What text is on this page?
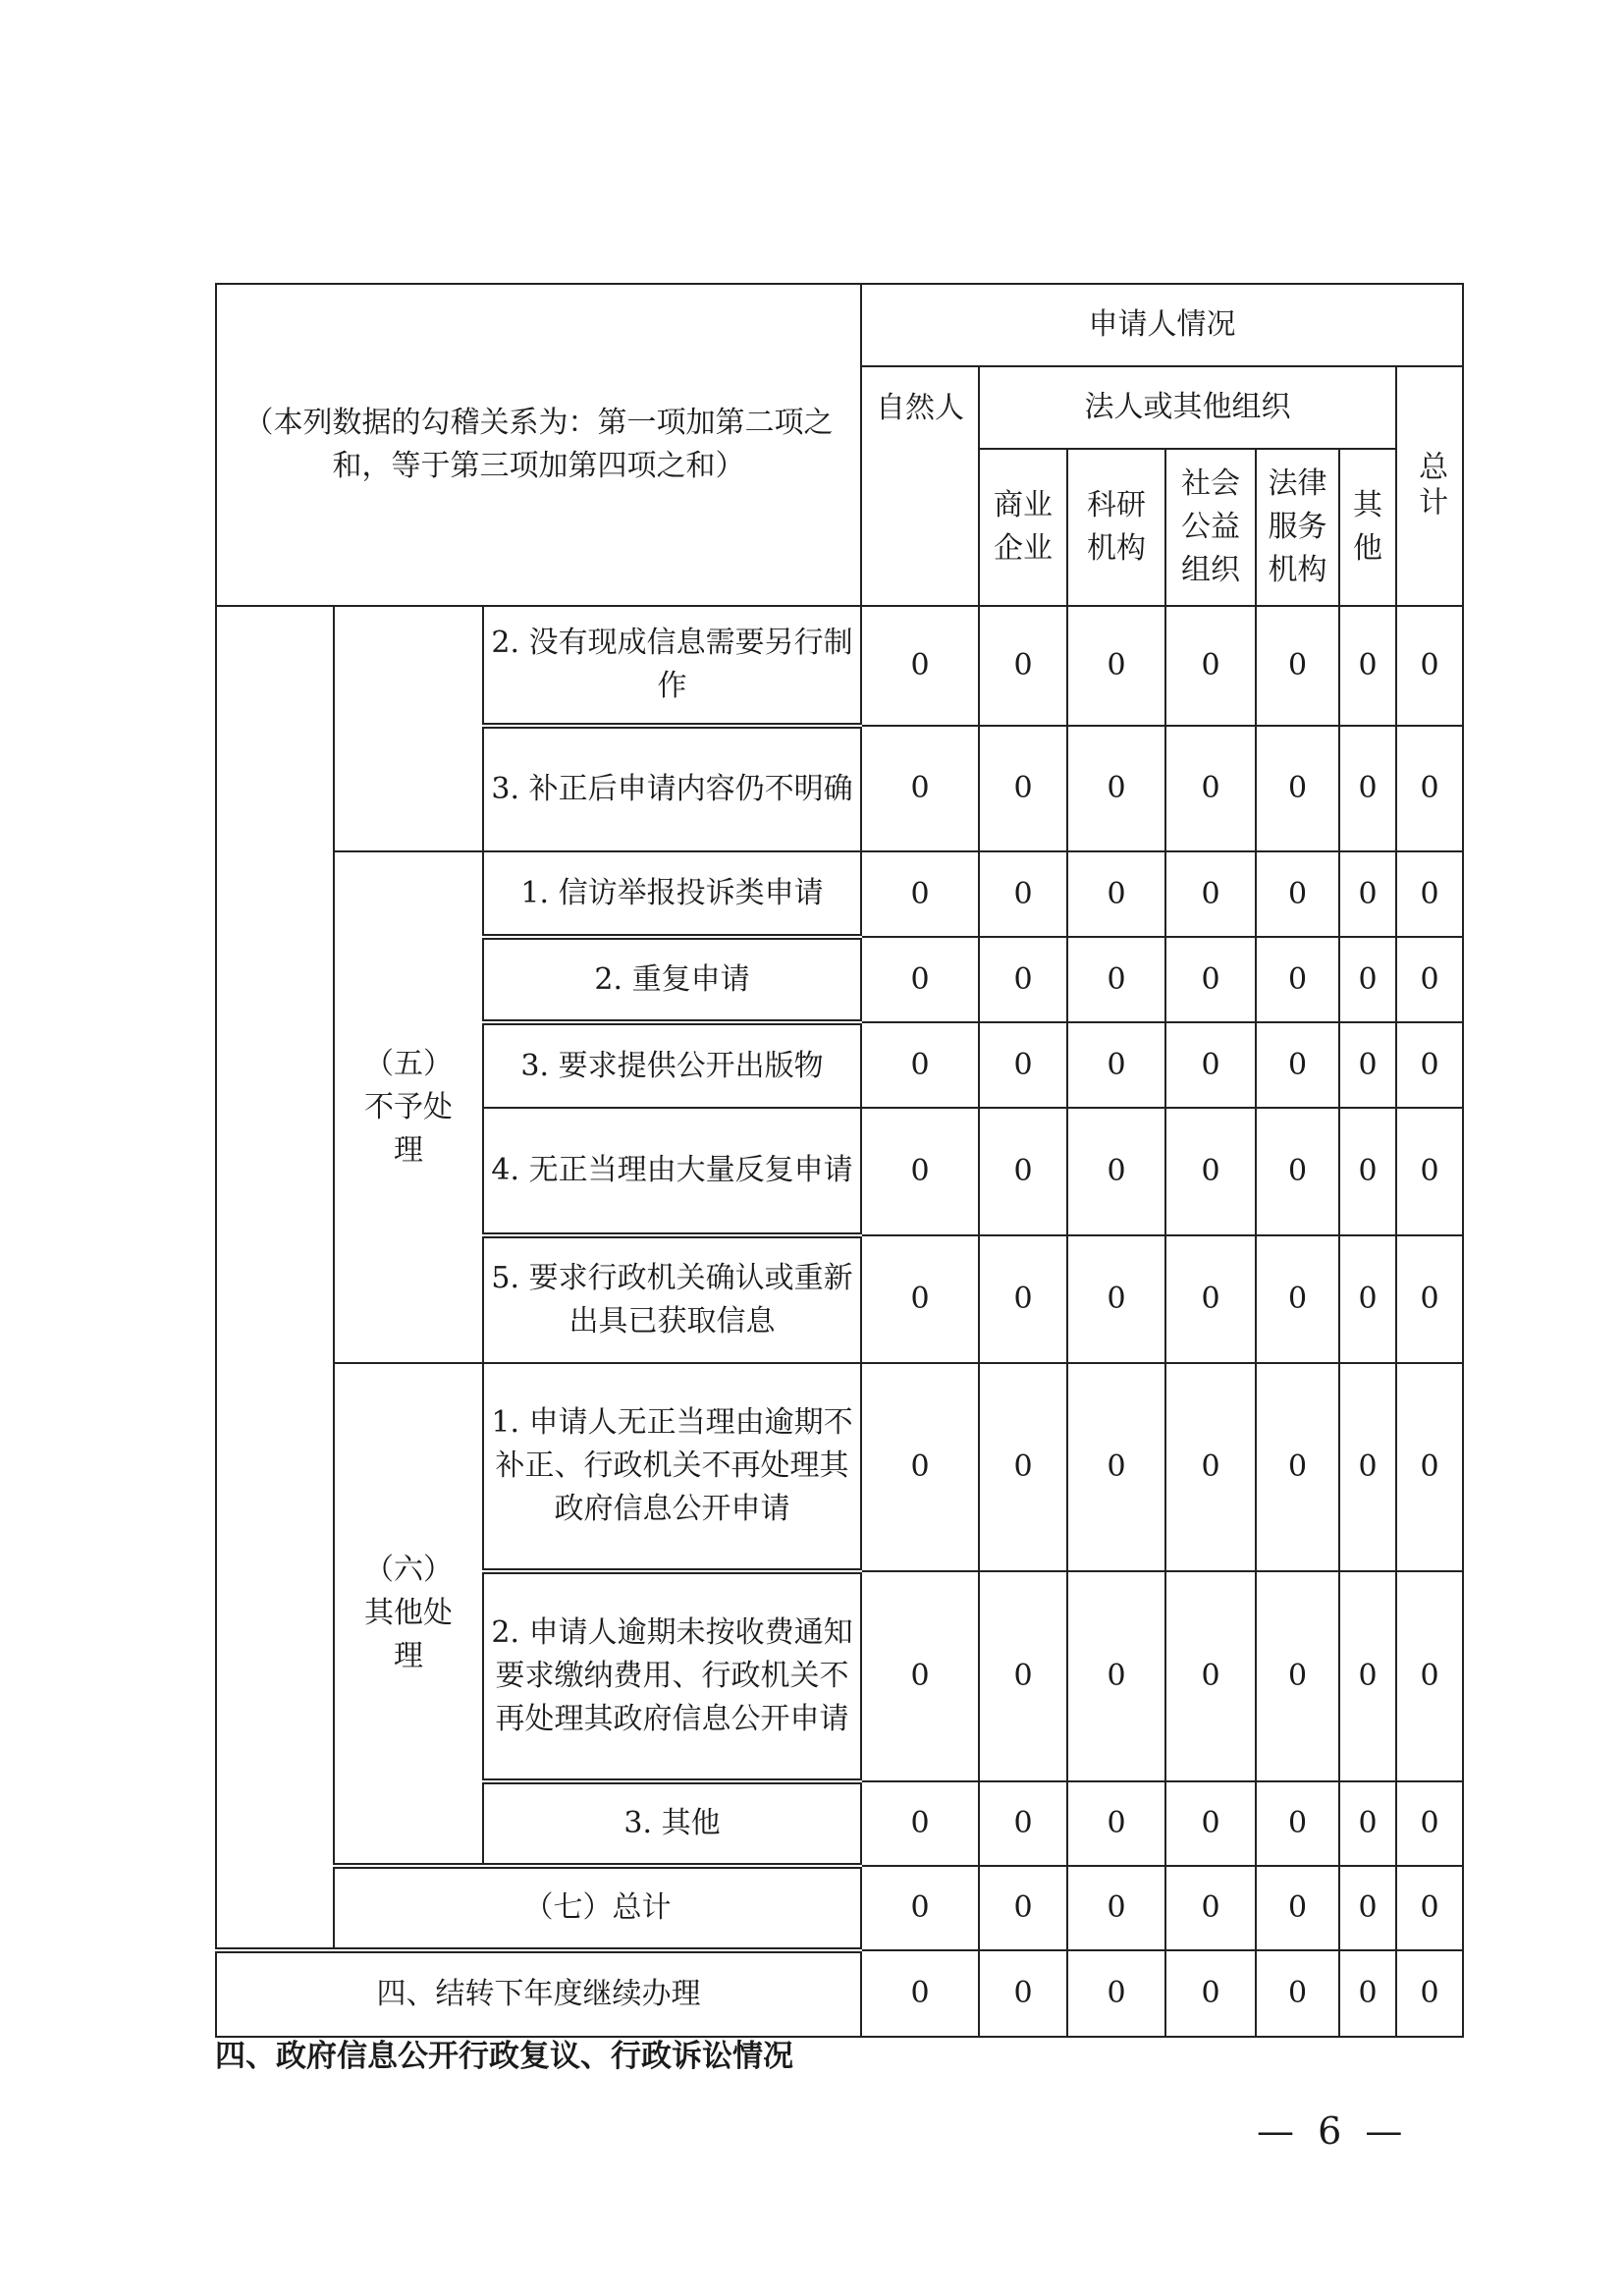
（本列数据的勾稽关系为：第一项加第二项之和，等于第三项加第四项之和）			申请人情况						
			自然人	法人或其他组织					总计
				商业企业	科研机构	社会公益组织	法律服务机构	其他	
		2. 没有现成信息需要另行制作	0	0	0	0	0	0	0
		3. 补正后申请内容仍不明确	0	0	0	0	0	0	0
	（五）不予处理	1. 信访举报投诉类申请	0	0	0	0	0	0	0
		2. 重复申请	0	0	0	0	0	0	0
		3. 要求提供公开出版物	0	0	0	0	0	0	0
		4. 无正当理由大量反复申请	0	0	0	0	0	0	0
		5. 要求行政机关确认或重新出具已获取信息	0	0	0	0	0	0	0
	（六）其他处理	1. 申请人无正当理由逾期不补正、行政机关不再处理其政府信息公开申请	0	0	0	0	0	0	0
		2. 申请人逾期未按收费通知要求缴纳费用、行政机关不再处理其政府信息公开申请	0	0	0	0	0	0	0
		3. 其他	0	0	0	0	0	0	0
	（七）总计		0	0	0	0	0	0	0
四、结转下年度继续办理			0	0	0	0	0	0	0
四、政府信息公开行政复议、行政诉讼情况
— 6 —
